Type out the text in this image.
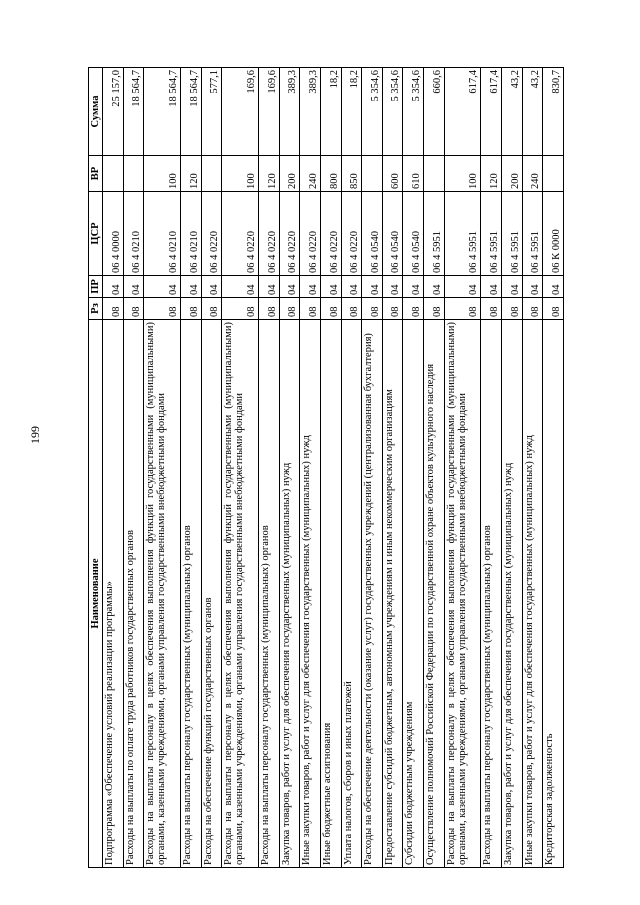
199
Наименование	Рз	ПР	ЦСР	ВР	Сумма
Подпрограмма «Обеспечение условий реализации программы»	08	04	06 4 0000		25 157,0
Расходы на выплаты по оплате труда работников государственных органов	08	04	06 4 0210		18 564,7
Расходы на выплаты персоналу в целях обеспечения выполнения функций государственными (муниципальными) органами, казенными учреждениями, органами управления государственными внебюджетными фондами	08	04	06 4 0210	100	18 564,7
Расходы на выплаты персоналу государственных (муниципальных) органов	08	04	06 4 0210	120	18 564,7
Расходы на обеспечение функций государственных органов	08	04	06 4 0220		577,1
Расходы на выплаты персоналу в целях обеспечения выполнения функций государственными (муниципальными) органами, казенными учреждениями, органами управления государственными внебюджетными фондами	08	04	06 4 0220	100	169,6
Расходы на выплаты персоналу государственных (муниципальных) органов	08	04	06 4 0220	120	169,6
Закупка товаров, работ и услуг для обеспечения государственных (муниципальных) нужд	08	04	06 4 0220	200	389,3
Иные закупки товаров, работ и услуг для обеспечения государственных (муниципальных) нужд	08	04	06 4 0220	240	389,3
Иные бюджетные ассигнования	08	04	06 4 0220	800	18,2
Уплата налогов, сборов и иных платежей	08	04	06 4 0220	850	18,2
Расходы на обеспечение деятельности (оказание услуг) государственных учреждений (централизованная бухгалтерия)	08	04	06 4 0540		5 354,6
Предоставление субсидий бюджетным, автономным учреждениям и иным некоммерческим организациям	08	04	06 4 0540	600	5 354,6
Субсидии бюджетным учреждениям	08	04	06 4 0540	610	5 354,6
Осуществление полномочий Российской Федерации по государственной охране объектов культурного наследия	08	04	06 4 5951		660,6
Расходы на выплаты персоналу в целях обеспечения выполнения функций государственными (муниципальными) органами, казенными учреждениями, органами управления государственными внебюджетными фондами	08	04	06 4 5951	100	617,4
Расходы на выплаты персоналу государственных (муниципальных) органов	08	04	06 4 5951	120	617,4
Закупка товаров, работ и услуг для обеспечения государственных (муниципальных) нужд	08	04	06 4 5951	200	43,2
Иные закупки товаров, работ и услуг для обеспечения государственных (муниципальных) нужд	08	04	06 4 5951	240	43,2
Кредиторская задолженность	08	04	06 К 0000		830,7
